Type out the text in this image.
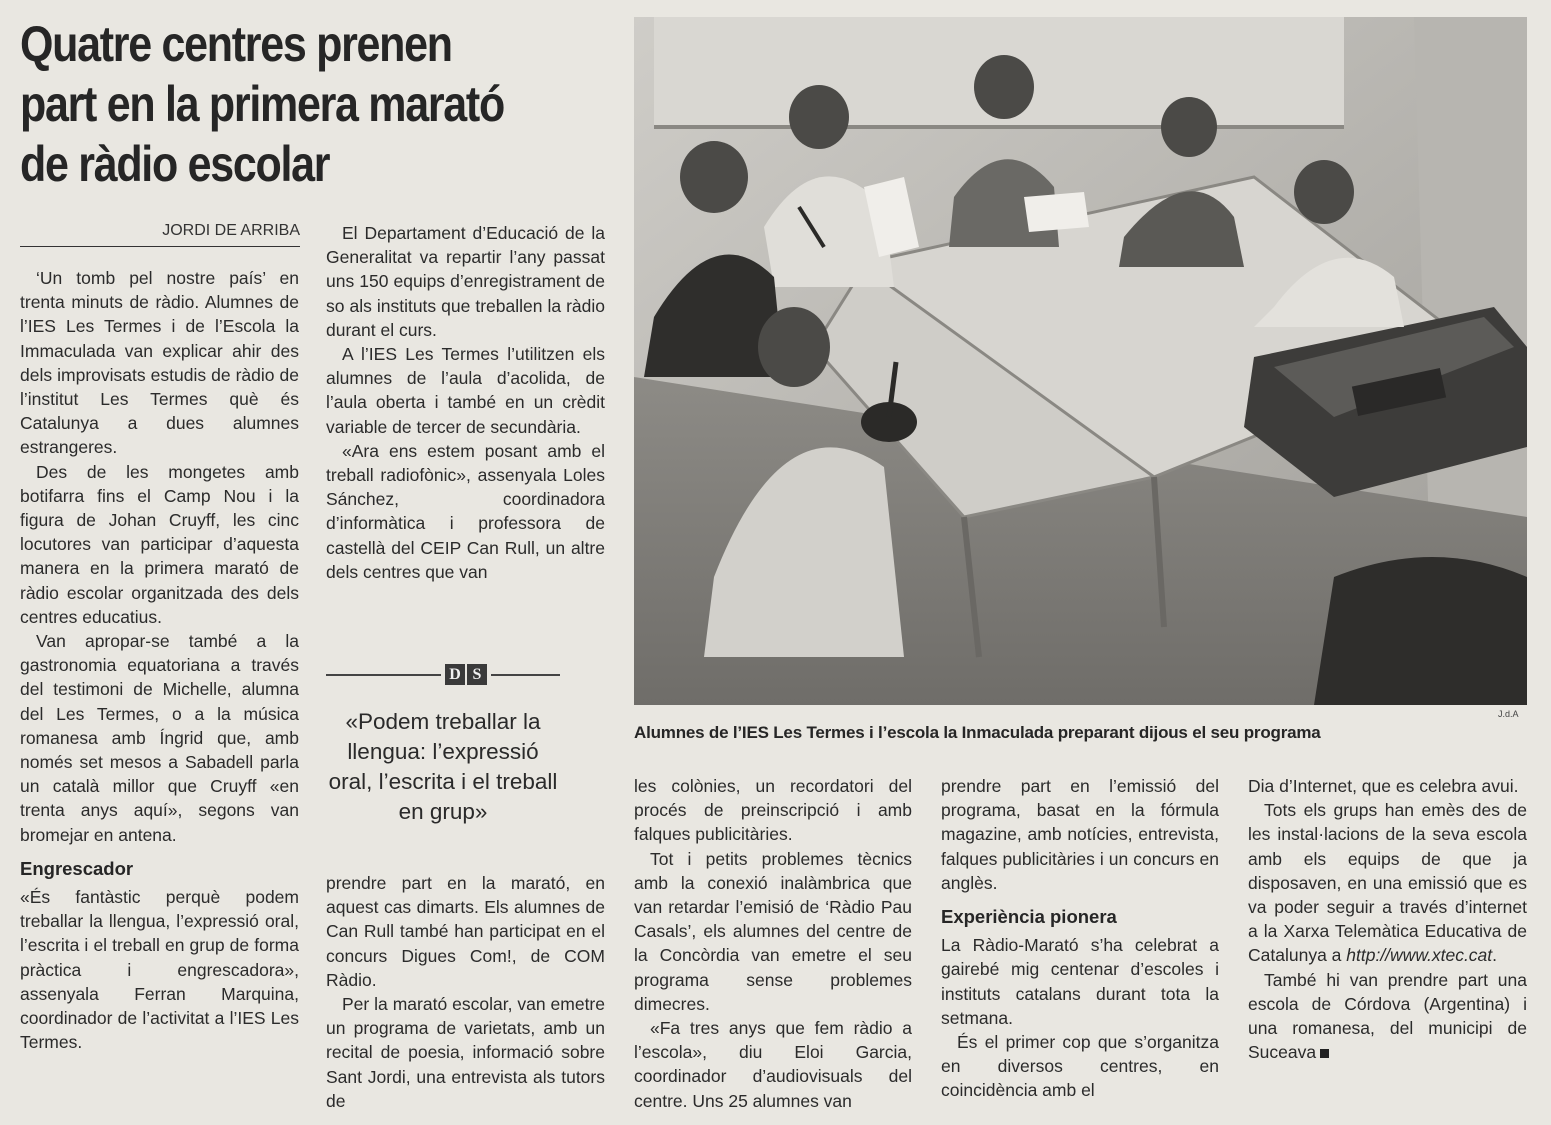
Quatre centres prenen part en la primera marató de ràdio escolar
JORDI DE ARRIBA

‘Un tomb pel nostre país’ en trenta minuts de ràdio. Alumnes de l’IES Les Termes i de l’Escola la Immaculada van explicar ahir des dels improvisats estudis de ràdio de l’institut Les Termes què és Catalunya a dues alumnes estrangeres.

Des de les mongetes amb botifarra fins el Camp Nou i la figura de Johan Cruyff, les cinc locutores van participar d’aquesta manera en la primera marató de ràdio escolar organitzada des dels centres educatius.

Van apropar-se també a la gastronomia equatoriana a través del testimoni de Michelle, alumna del Les Termes, o a la música romanesa amb Íngrid que, amb només set mesos a Sabadell parla un català millor que Cruyff «en trenta anys aquí», segons van bromejar en antena.

Engrescador

«És fantàstic perquè podem treballar la llengua, l’expressió oral, l’escrita i el treball en grup de forma pràctica i engrescadora», assenyala Ferran Marquina, coordinador de l’activitat a l’IES Les Termes.

El Departament d’Educació de la Generalitat va repartir l’any passat uns 150 equips d’enregistrament de so als instituts que treballen la ràdio durant el curs.

A l’IES Les Termes l’utilitzen els alumnes de l’aula d’acolida, de l’aula oberta i també en un crèdit variable de tercer de secundària.

«Ara ens estem posant amb el treball radiofònic», assenyala Loles Sánchez, coordinadora d’informàtica i professora de castellà del CEIP Can Rull, un altre dels centres que van

D S
«Podem treballar la llengua: l’expressió oral, l’escrita i el treball en grup»

prendre part en la marató, en aquest cas dimarts. Els alumnes de Can Rull també han participat en el concurs Digues Com!, de COM Ràdio.

Per la marató escolar, van emetre un programa de varietats, amb un recital de poesia, informació sobre Sant Jordi, una entrevista als tutors de

J.d.A
Alumnes de l’IES Les Termes i l’escola la Inmaculada preparant dijous el seu programa

les colònies, un recordatori del procés de preinscripció i amb falques publicitàries.

Tot i petits problemes tècnics amb la conexió inalàmbrica que van retardar l’emisió de ‘Ràdio Pau Casals’, els alumnes del centre de la Concòrdia van emetre el seu programa sense problemes dimecres.

«Fa tres anys que fem ràdio a l’escola», diu Eloi Garcia, coordinador d’audiovisuals del centre. Uns 25 alumnes van

prendre part en l’emissió del programa, basat en la fórmula magazine, amb notícies, entrevista, falques publicitàries i un concurs en anglès.

Experiència pionera

La Ràdio-Marató s’ha celebrat a gairebé mig centenar d’escoles i instituts catalans durant tota la setmana.

És el primer cop que s’organitza en diversos centres, en coincidència amb el

Dia d’Internet, que es celebra avui.

Tots els grups han emès des de les instal·lacions de la seva escola amb els equips de que ja disposaven, en una emissió que es va poder seguir a través d’internet a la Xarxa Telemàtica Educativa de Catalunya a http://www.xtec.cat.

També hi van prendre part una escola de Córdova (Argentina) i una romanesa, del municipi de Suceava
